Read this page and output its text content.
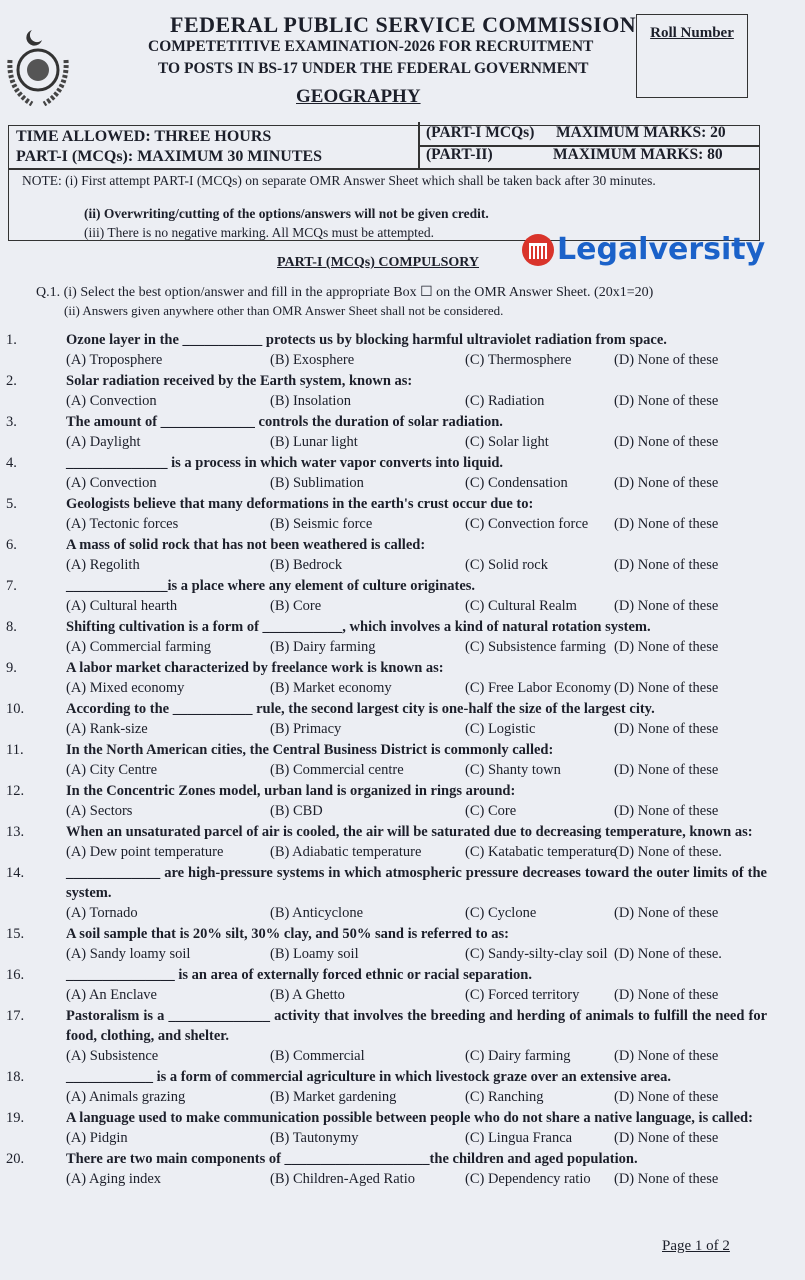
FEDERAL PUBLIC SERVICE COMMISSION
COMPETETITIVE EXAMINATION-2026 FOR RECRUITMENT
TO POSTS IN BS-17 UNDER THE FEDERAL GOVERNMENT
GEOGRAPHY
Roll Number
TIME ALLOWED: THREE HOURS
PART-I (MCQs): MAXIMUM 30 MINUTES
(PART-I MCQs) MAXIMUM MARKS: 20
(PART-II)	MAXIMUM MARKS: 80
NOTE: (i) First attempt PART-I (MCQs) on separate OMR Answer Sheet which shall be taken back after 30 minutes.
(ii) Overwriting/cutting of the options/answers will not be given credit.
(iii) There is no negative marking. All MCQs must be attempted.
PART-I (MCQs) COMPULSORY	Legalversity
Q.1. (i) Select the best option/answer and fill in the appropriate Box ☐ on the OMR Answer Sheet. (20x1=20)
(ii) Answers given anywhere other than OMR Answer Sheet shall not be considered.
1.	Ozone layer in the ___________ protects us by blocking harmful ultraviolet radiation from space.
(A) Troposphere	(B) Exosphere	(C) Thermosphere	(D) None of these
2.	Solar radiation received by the Earth system, known as:
(A) Convection	(B) Insolation	(C) Radiation	(D) None of these
3.	The amount of _____________ controls the duration of solar radiation.
(A) Daylight	(B) Lunar light	(C) Solar light	(D) None of these
4.	______________ is a process in which water vapor converts into liquid.
(A) Convection	(B) Sublimation	(C) Condensation	(D) None of these
5.	Geologists believe that many deformations in the earth's crust occur due to:
(A) Tectonic forces	(B) Seismic force	(C) Convection force (D) None of these
6.	A mass of solid rock that has not been weathered is called:
(A) Regolith	(B) Bedrock	(C) Solid rock	(D) None of these
7.	______________is a place where any element of culture originates.
(A) Cultural hearth	(B) Core	(C) Cultural Realm	(D) None of these
8.	Shifting cultivation is a form of ___________, which involves a kind of natural rotation system.
(A) Commercial farming	(B) Dairy farming	(C) Subsistence farming (D) None of these
9.	A labor market characterized by freelance work is known as:
(A) Mixed economy	(B) Market economy	(C) Free Labor Economy (D) None of these
10.	According to the ___________ rule, the second largest city is one-half the size of the largest city.
(A) Rank-size	(B) Primacy	(C) Logistic	(D) None of these
11.	In the North American cities, the Central Business District is commonly called:
(A) City Centre	(B) Commercial centre	(C) Shanty town	(D) None of these
12.	In the Concentric Zones model, urban land is organized in rings around:
(A) Sectors	(B) CBD	(C) Core	(D) None of these
13.	When an unsaturated parcel of air is cooled, the air will be saturated due to decreasing temperature, known as:
(A) Dew point temperature	(B) Adiabatic temperature	(C) Katabatic temperature
(D) None of these.
14.	_____________ are high-pressure systems in which atmospheric pressure decreases toward the outer limits of the system.
(A) Tornado	(B) Anticyclone	(C) Cyclone	(D) None of these
15.	A soil sample that is 20% silt, 30% clay, and 50% sand is referred to as:
(A) Sandy loamy soil	(B) Loamy soil	(C) Sandy-silty-clay soil (D) None of these.
16.	_______________ is an area of externally forced ethnic or racial separation.
(A) An Enclave	(B) A Ghetto	(C) Forced territory (D) None of these
17.	Pastoralism is a ______________ activity that involves the breeding and herding of animals to fulfill the need for food, clothing, and shelter.
(A) Subsistence	(B) Commercial	(C) Dairy farming	(D) None of these
18.	____________ is a form of commercial agriculture in which livestock graze over an extensive area.
(A) Animals grazing	(B) Market gardening	(C) Ranching	(D) None of these
19.	A language used to make communication possible between people who do not share a native language, is called:
(A) Pidgin	(B) Tautonymy	(C) Lingua Franca	(D) None of these
20.	There are two main components of ____________________the children and aged population.
(A) Aging index	(B) Children-Aged Ratio	(C) Dependency ratio (D) None of these
Page 1 of 2
